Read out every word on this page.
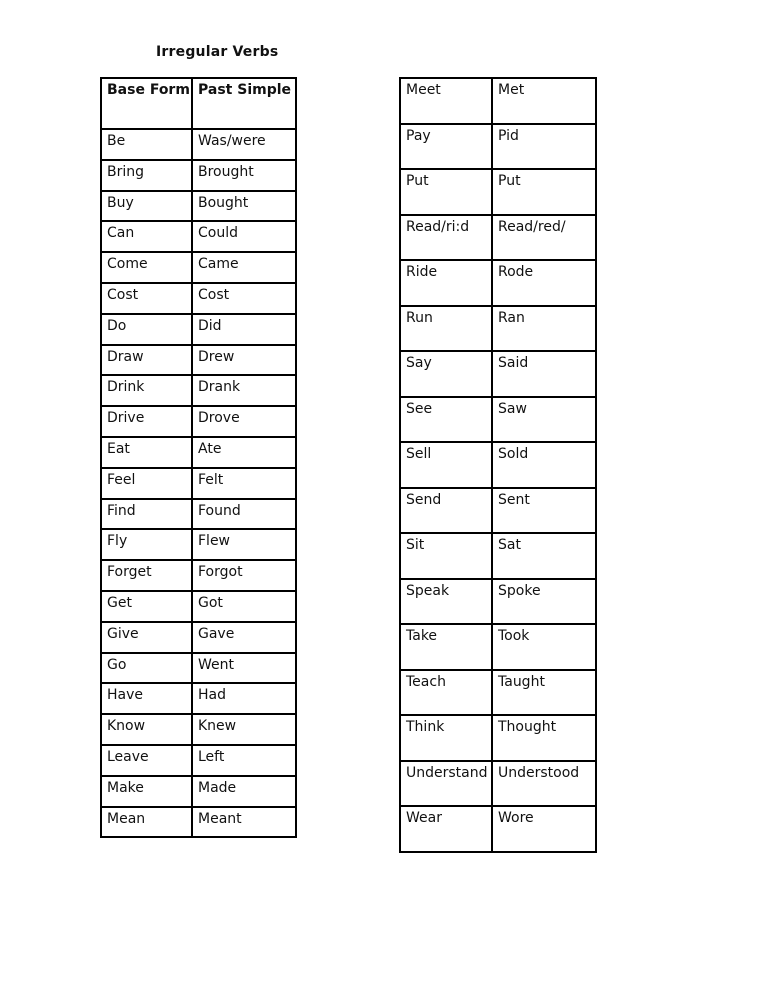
Irregular Verbs
Base Form	Past Simple
Be	Was/were
Bring	Brought
Buy	Bought
Can	Could
Come	Came
Cost	Cost
Do	Did
Draw	Drew
Drink	Drank
Drive	Drove
Eat	Ate
Feel	Felt
Find	Found
Fly	Flew
Forget	Forgot
Get	Got
Give	Gave
Go	Went
Have	Had
Know	Knew
Leave	Left
Make	Made
Mean	Meant
Meet	Met
Pay	Pid
Put	Put
Read/ri:d	Read/red/
Ride	Rode
Run	Ran
Say	Said
See	Saw
Sell	Sold
Send	Sent
Sit	Sat
Speak	Spoke
Take	Took
Teach	Taught
Think	Thought
Understand	Understood
Wear	Wore
